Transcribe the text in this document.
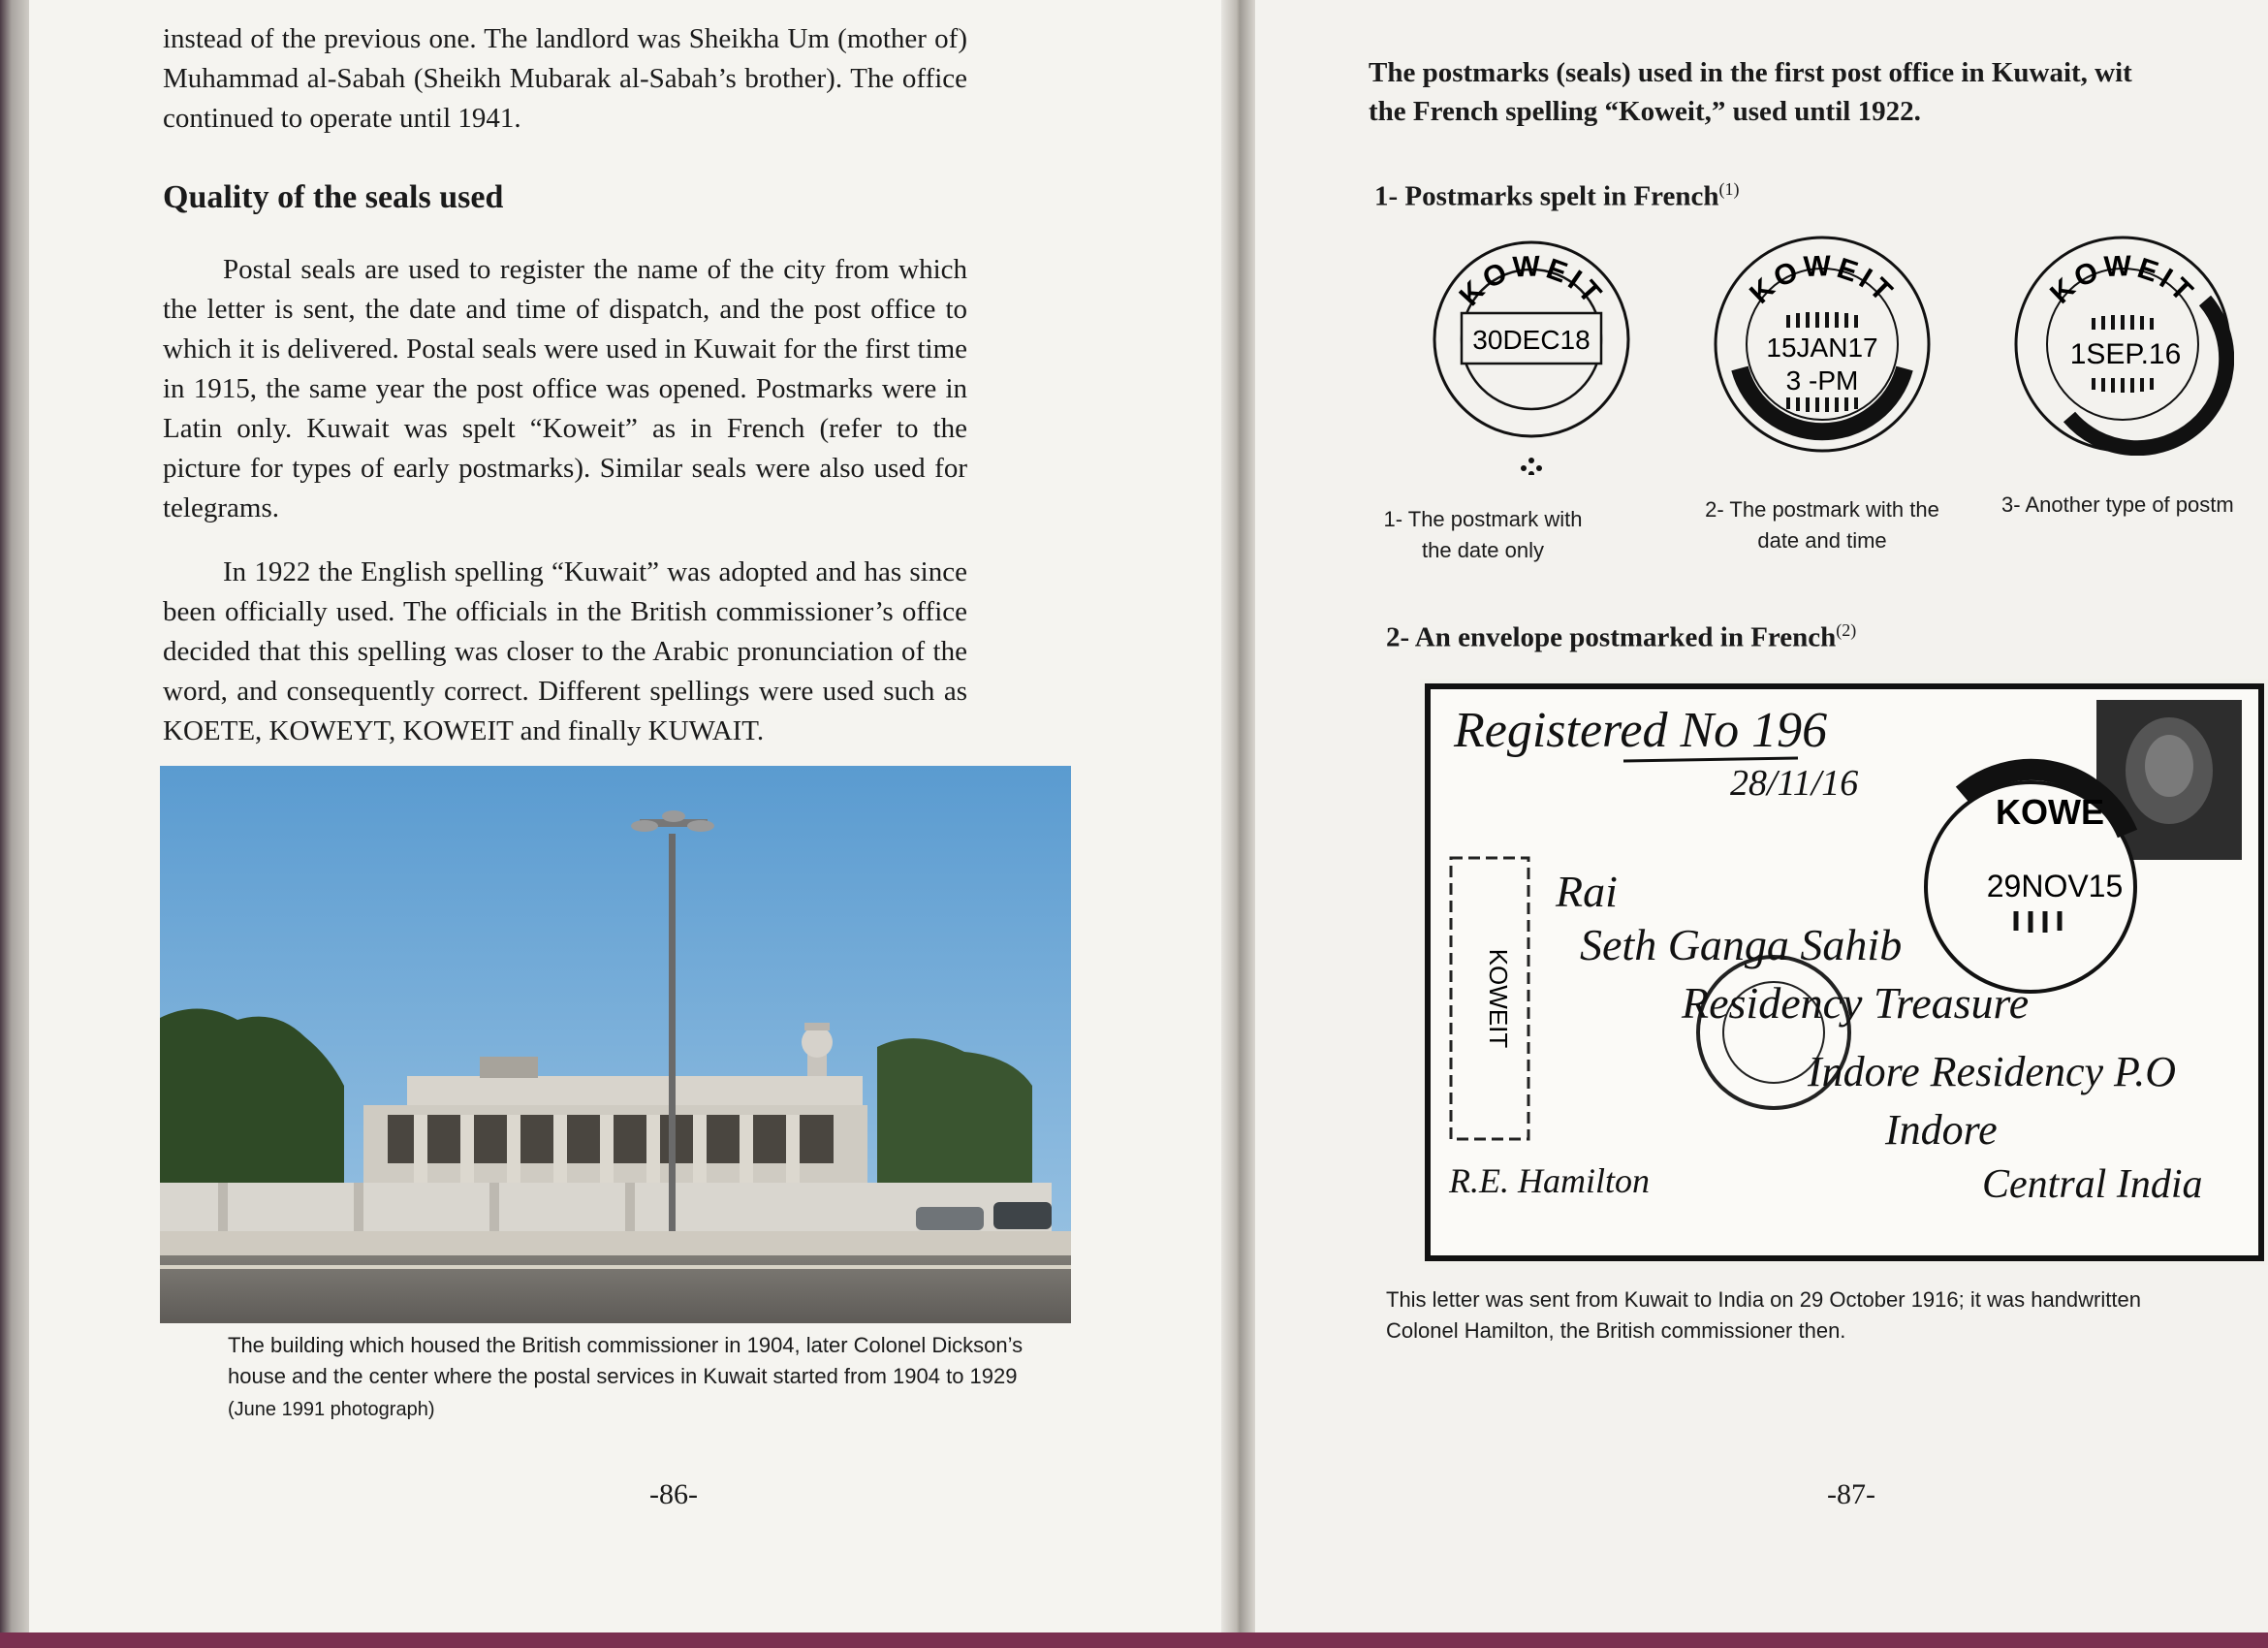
instead of the previous one. The landlord was Sheikha Um (mother of) Muhammad al-Sabah (Sheikh Mubarak al-Sabah’s brother). The office continued to operate until 1941.
Quality of the seals used
Postal seals are used to register the name of the city from which the letter is sent, the date and time of dispatch, and the post office to which it is delivered. Postal seals were used in Kuwait for the first time in 1915, the same year the post office was opened. Postmarks were in Latin only. Kuwait was spelt “Koweit” as in French (refer to the picture for types of early postmarks). Similar seals were also used for telegrams.
In 1922 the English spelling “Kuwait” was adopted and has since been officially used. The officials in the British commissioner’s office decided that this spelling was closer to the Arabic pronunciation of the word, and consequently correct. Different spellings were used such as KOETE, KOWEYT, KOWEIT and finally KUWAIT.
The building which housed the British commissioner in 1904, later Colonel Dickson’s
house and the center where the postal services in Kuwait started from 1904 to 1929
(June 1991 photograph)
-86-
The postmarks (seals) used in the first post office in Kuwait, wit
the French spelling “Koweit,” used until 1922.
1- Postmarks spelt in French$^{(1)}$
KOWEIT
30DEC18
1- The postmark with
the date only
KOWEIT
15JAN17
3 -PM
2- The postmark with the
date and time
KOWEIT
1SEP.16
3- Another type of postm
2- An envelope postmarked in French$^{(2)}$
KOWE
29NOV15
KOWEIT
Registered No 196
28/11/16
Rai
Seth Ganga Sahib
Residency Treasure
Indore Residency P.O
Indore
Central India
R.E. Hamilton
This letter was sent from Kuwait to India on 29 October 1916; it was handwritten
Colonel Hamilton, the British commissioner then.
-87-
